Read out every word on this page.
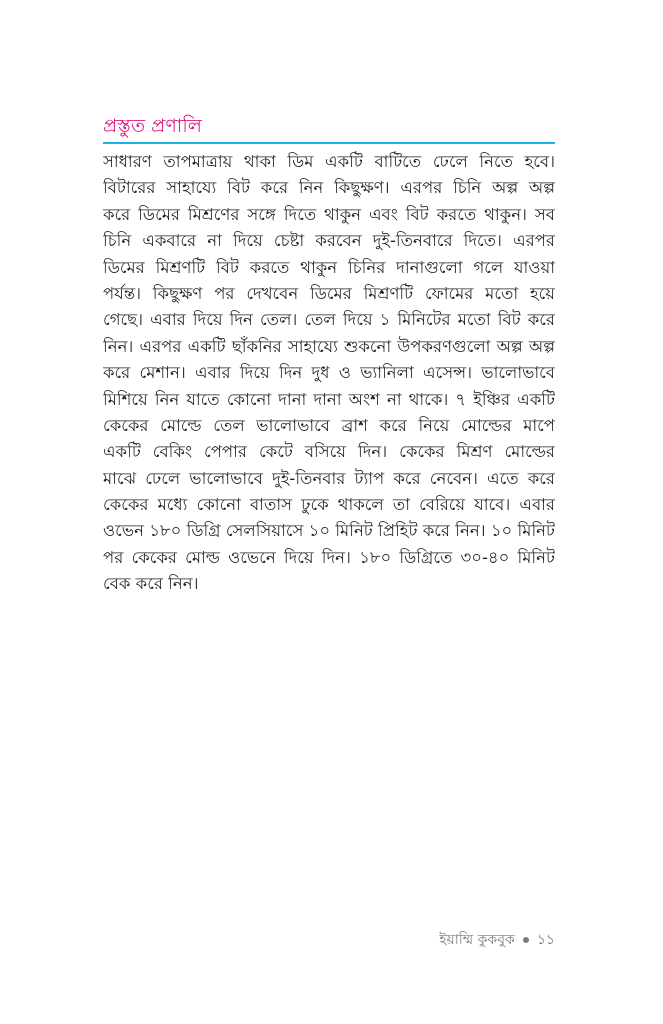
প্রস্তুত প্রণালি
সাধারণ তাপমাত্রায় থাকা ডিম একটি বাটিতে ঢেলে নিতে হবে।
বিটারের সাহায্যে বিট করে নিন কিছুক্ষণ। এরপর চিনি অল্প অল্প
করে ডিমের মিশ্রণের সঙ্গে দিতে থাকুন এবং বিট করতে থাকুন। সব
চিনি একবারে না দিয়ে চেষ্টা করবেন দুই-তিনবারে দিতে। এরপর
ডিমের মিশ্রণটি বিট করতে থাকুন চিনির দানাগুলো গলে যাওয়া
পর্যন্ত। কিছুক্ষণ পর দেখবেন ডিমের মিশ্রণটি ফোমের মতো হয়ে
গেছে। এবার দিয়ে দিন তেল। তেল দিয়ে ১ মিনিটের মতো বিট করে
নিন। এরপর একটি ছাঁকনির সাহায্যে শুকনো উপকরণগুলো অল্প অল্প
করে মেশান। এবার দিয়ে দিন দুধ ও ভ্যানিলা এসেন্স। ভালোভাবে
মিশিয়ে নিন যাতে কোনো দানা দানা অংশ না থাকে। ৭ ইঞ্চির একটি
কেকের মোল্ডে তেল ভালোভাবে ব্রাশ করে নিয়ে মোল্ডের মাপে
একটি বেকিং পেপার কেটে বসিয়ে দিন। কেকের মিশ্রণ মোল্ডের
মাঝে ঢেলে ভালোভাবে দুই-তিনবার ট্যাপ করে নেবেন। এতে করে
কেকের মধ্যে কোনো বাতাস ঢুকে থাকলে তা বেরিয়ে যাবে। এবার
ওভেন ১৮০ ডিগ্রি সেলসিয়াসে ১০ মিনিট প্রিহিট করে নিন। ১০ মিনিট
পর কেকের মোল্ড ওভেনে দিয়ে দিন। ১৮০ ডিগ্রিতে ৩০-৪০ মিনিট
বেক করে নিন।
ইয়াম্মি কুকবুক ১১
